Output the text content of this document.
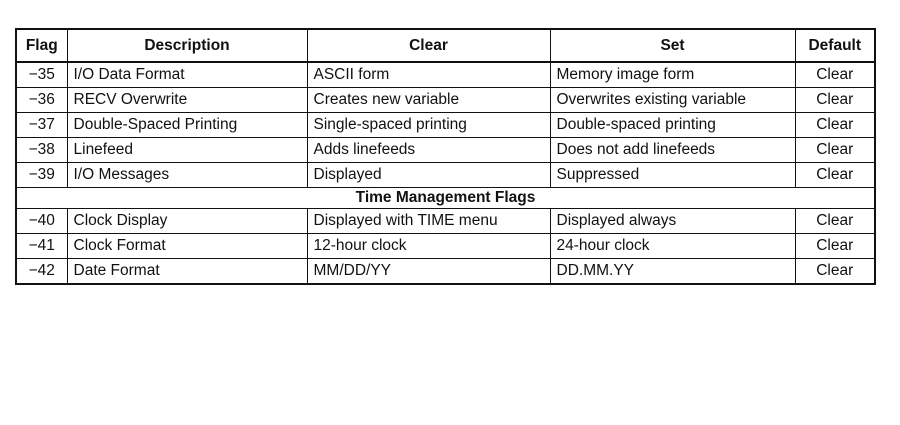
Flag	Description	Clear	Set	Default
−35	I/O Data Format	ASCII form	Memory image form	Clear
−36	RECV Overwrite	Creates new variable	Overwrites existing variable	Clear
−37	Double-Spaced Printing	Single-spaced printing	Double-spaced printing	Clear
−38	Linefeed	Adds linefeeds	Does not add linefeeds	Clear
−39	I/O Messages	Displayed	Suppressed	Clear
Time Management Flags				
−40	Clock Display	Displayed with TIME menu	Displayed always	Clear
−41	Clock Format	12-hour clock	24-hour clock	Clear
−42	Date Format	MM/DD/YY	DD.MM.YY	Clear
